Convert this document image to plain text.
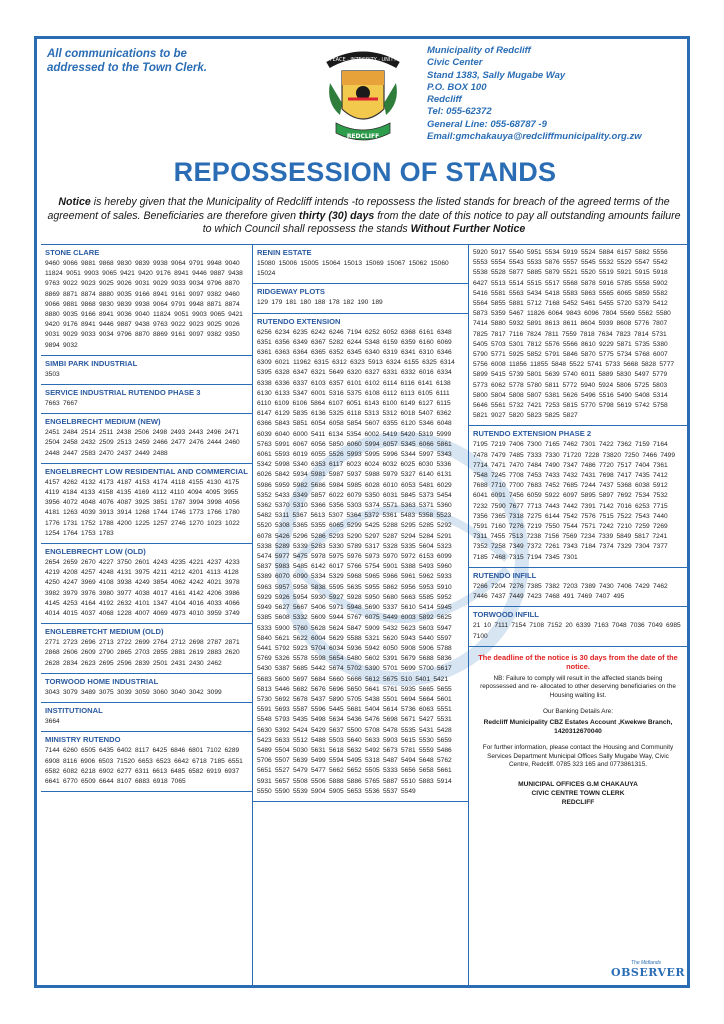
All communications to be addressed to the Town Clerk.
PEACE · INTEGRITY · UNITY
REDCLIFF
Municipality of Redcliff
Civic Center
Stand 1383, Sally Mugabe Way
P.O. BOX 100
Redcliff
Tel: 055-62372
General Line: 055-68787 -9
Email:gmchakauya@redcliffmunicipality.org.zw
REPOSSESSION OF STANDS
Notice is hereby given that the Municipality of Redcliff intends -to repossess the listed stands for breach of the agreed terms of the agreement of sales. Beneficiaries are therefore given thirty (30) days from the date of this notice to pay all outstanding amounts failure to which Council shall repossess the stands Without Further Notice
STONE CLARE
9460 9066 9881 9868 9830 9839 9938 9064 9791 9948 9040 11824 9051 9903 9065 9421 9420 9176 8941 9446 9887 9438 9763 9022 9023 9025 9026 9031 9029 9033 9034 9796 8870 8869 8871 8874 8880 9035 9166 8941 9161 9097 9382 9460 9066 9881 9868 9830 9839 9938 9064 9791 9948 8871 8874 8880 9035 9166 8941 9036 9040 11824 9051 9903 9065 9421 9420 9176 8941 9446 9887 9438 9763 9022 9023 9025 9026 9031 9029 9033 9034 9796 8870 8869 9161 9097 9382 9350 9894 9032
SIMBI PARK INDUSTRIAL
3503
SERVICE INDUSTRIAL RUTENDO PHASE 3
7663 7667
ENGELBRECHT MEDIUM (NEW)
2451 2484 2514 2511 2438 2506 2498 2493 2443 2496 2471 2504 2458 2432 2509 2513 2459 2466 2477 2476 2444 2460 2448 2447 2583 2470 2437 2449 2488
ENGELBRECHT LOW RESIDENTIAL AND COMMERCIAL
4157 4262 4132 4173 4187 4153 4174 4118 4155 4130 4175 4119 4184 4133 4158 4135 4169 4112 4110 4094 4095 3955 3956 4072 4048 4076 4087 3925 3851 1787 3994 3998 4056 4181 1263 4039 3913 3914 1268 1744 1746 1773 1766 1780 1776 1731 1752 1788 4200 1225 1257 2746 1270 1023 1022 1254 1764 1753 1783
ENGLEBRECHT LOW (OLD)
2654 2659 2670 4227 3750 2601 4243 4235 4221 4237 4233 4219 4208 4257 4248 4131 3975 4211 4212 4201 4113 4128 4250 4247 3969 4108 3938 4249 3854 4062 4242 4021 3978 3982 3979 3976 3980 3977 4038 4017 4161 4142 4206 3986 4145 4253 4164 4192 2632 4101 1347 4104 4016 4033 4066 4014 4015 4037 4068 1228 4007 4069 4973 4010 3959 3749
ENGLEBRETCHT MEDIUM (OLD)
2771 2723 2696 2713 2722 2699 2764 2712 2698 2787 2871 2868 2606 2609 2790 2865 2703 2855 2881 2619 2883 2620 2628 2834 2623 2695 2596 2839 2501 2431 2430 2462
TORWOOD HOME INDUSTRIAL
3043 3079 3489 3075 3039 3059 3060 3040 3042 3099
INSTITUTIONAL
3664
MINISTRY RUTENDO
7144 6260 6505 6435 6402 8117 6425 6846 6801 7102 6289 6908 8116 6906 6503 71520 6653 6523 6642 6718 7185 6551 6582 6082 6218 6902 6277 6311 6613 6485 6582 6919 6937 6641 6770 6509 6644 8107 6883 6918 7065
RENIN ESTATE
15080 15006 15005 15064 15013 15069 15067 15062 15060 15024
RIDGEWAY PLOTS
129 179 181 180 188 178 182 190 189
RUTENDO EXTENSION
6256 6234 6235 6242 6246 7194 6252 6052 6368 6161 6348 6351 6356 6349 6367 5282 6244 5348 6159 6359 6160 6069 6361 6363 6364 6365 6352 6345 6340 6319 6341 6310 6346 6309 6021 11962 6315 6312 6323 5913 6324 6155 6325 6314 5395 6328 6347 6321 5649 6320 6327 6331 6332 6016 6334 6338 6336 6337 6103 6357 6101 6102 6114 6116 6141 6138 6130 6133 5347 6001 5316 5375 6108 6112 6113 6105 6111 6110 6109 6106 5864 6107 6051 6143 6100 6149 6127 6115 6147 6129 5835 6136 5325 6118 5313 5312 6018 5407 6362 6366 5843 5851 6054 6058 5854 5607 6355 6120 5346 6048 6039 6040 6000 5411 6134 5354 6002 5419 5420 5319 5999 5763 5991 6067 6056 5850 6060 5994 6057 5345 6066 5861 6061 5593 6019 6055 5526 5993 5995 5996 5344 5997 5343 5342 5998 5340 6353 6117 6023 6024 6032 6025 6030 5336 6026 5842 5934 5981 5987 5937 5988 5979 5327 6140 6131 5986 5959 5982 5686 5984 5985 6028 6010 6053 5481 6029 5352 5433 5349 5857 6022 6079 5350 6031 5845 5373 5454 5362 5370 5310 5366 5356 5303 5374 5571 5363 5371 5360 5482 5311 5367 5613 5307 5364 5372 5361 5483 5358 5523 5520 5308 5365 5355 6065 5299 5425 5288 5295 5285 5292 6078 5426 5296 5286 5293 5290 5297 5287 5294 5284 5291 5338 5289 5339 5283 5330 5789 5317 5328 5335 5604 5323 5474 5977 5475 5978 5975 5976 5973 5970 5972 6153 6099 5837 5983 5485 6142 6017 5766 5754 5901 5388 5493 5960 5389 6070 6090 5334 5329 5968 5965 5966 5961 5962 5933 5963 5957 5958 5838 5595 5635 5955 5862 5956 5953 5910 5929 5926 5954 5930 5927 5928 5950 5680 5663 5585 5952 5949 5627 5667 5406 5971 5948 5690 5337 5610 5414 5945 5385 5608 5332 5609 5944 5767 6075 5449 6003 5892 5625 5333 5900 5760 5628 5624 5847 5909 5432 5623 5603 5947 5840 5621 5622 6004 5629 5588 5321 5620 5943 5440 5597 5441 5792 5923 5704 6034 5936 5942 6050 5908 5906 5788 5769 5326 5578 5598 5654 5480 5602 5391 5679 5688 5836 5430 5387 5685 5442 5674 5702 5390 5701 5699 5700 5617 5683 5600 5697 5684 5660 5666 5612 5675 510 5401 5421 5813 5446 5682 5676 5696 5650 5641 5761 5935 5665 5655 5730 5692 5678 5437 5890 5705 5438 5501 5694 5664 5601 5591 5693 5587 5596 5445 5681 5404 5614 5736 6063 5551 5548 5793 5435 5498 5634 5436 5476 5698 5671 5427 5531 5630 5392 5424 5429 5637 5500 5708 5478 5535 5431 5428 5423 5633 5512 5488 5503 5640 5633 5903 5615 5530 5659 5489 5504 5030 5631 5618 5632 5492 5673 5781 5559 5486 5706 5507 5639 5499 5594 5495 5318 5487 5494 5648 5762 5651 5527 5479 5477 5662 5652 5505 5333 5656 5658 5661 5931 5657 5508 5506 5888 5886 5765 5887 5510 5883 5914 5550 5590 5539 5904 5905 5653 5536 5537 5549
5920 5917 5540 5951 5534 5919 5524 5884 6157 5882 5556 5553 5554 5543 5533 5876 5557 5545 5532 5529 5547 5542 5538 5528 5877 5885 5879 5521 5520 5519 5921 5915 5918 6427 5513 5514 5515 5517 5568 5878 5916 5785 5558 5902 5416 5581 5563 5434 5418 5583 5863 5565 6065 5859 5582 5564 5855 5881 5712 7168 5452 5461 5455 5720 5379 5412 5873 5359 5467 11826 6064 9843 6096 7804 5569 5562 5580 7414 5880 5932 5891 8613 8611 8604 5939 8608 5776 7807 7825 7817 7116 7824 7811 7559 7818 7634 7823 7814 5731 5405 5703 5301 7812 5576 5566 8610 9229 5871 5735 5380 5790 5771 5925 5852 5791 5846 5870 5775 5734 5768 6007 5756 6008 11856 11855 5848 5522 5741 5733 5668 5828 5777 5899 5415 5739 5801 5639 5740 6011 5889 5830 5497 5779 5773 6062 5778 5780 5811 5772 5940 5924 5806 5725 5803 5800 5804 5808 5807 5381 5626 5496 5516 5490 5408 5314 5646 5561 5732 7421 7253 5815 5770 5798 5619 5742 5758 5821 9027 5820 5823 5825 5827
RUTENDO EXTENSION PHASE 2
7195 7219 7406 7300 7165 7462 7301 7422 7362 7159 7164 7478 7479 7485 7333 7330 71720 7228 73820 7250 7466 7499 7714 7471 7470 7484 7490 7347 7486 7720 7517 7404 7361 7548 7245 7708 7453 7433 7432 7431 7698 7417 7435 7412 7688 7710 7700 7683 7452 7685 7244 7437 5368 6038 5912 6041 6091 7456 6059 5922 6097 5895 5897 7692 7534 7532 7232 7590 7677 7713 7443 7442 7391 7142 7016 6253 7715 7356 7365 7318 7275 6144 7542 7576 7515 7522 7543 7440 7591 7160 7276 7219 7550 7544 7571 7242 7210 7259 7269 7311 7455 7513 7238 7156 7569 7234 7339 5849 5817 7241 7352 7258 7349 7372 7261 7343 7184 7374 7329 7304 7377 7185 7468 7315 7194 7345 7301
RUTENDO INFILL
7266 7204 7276 7385 7382 7203 7389 7430 7406 7429 7462 7446 7437 7449 7423 7468 491 7469 7407 495
TORWOOD INFILL
21 10 7111 7154 7108 7152 20 6339 7163 7048 7036 7049 6985 7100
The deadline of the notice is 30 days from the date of the notice.
NB: Failure to comply will result in the affected stands being repossessed and re- allocated to other deserving beneficiaries on the Housing waiting list.
Our Banking Details Are:
Redcliff Municipality CBZ Estates Account ,Kwekwe Branch, 1420312670040
For further information, please contact the Housing and Community Services Department Municipal Offices Sally Mugabe Way, Civic Centre, Redcliff. 0785 323 165 and 0773861315.
MUNICIPAL OFFICES G.M CHAKAUYA
CIVIC CENTRE TOWN CLERK
REDCLIFF
The Midlands
OBSERVER
